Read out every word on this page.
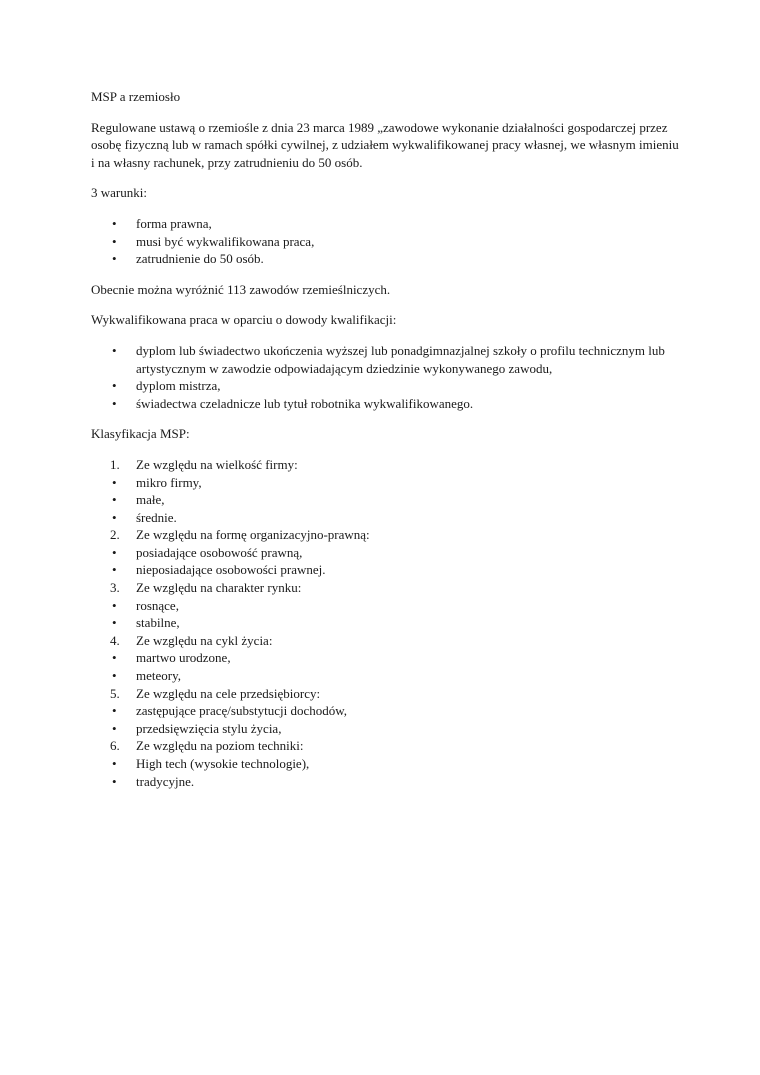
MSP a rzemiosło

Regulowane ustawą o rzemiośle z dnia 23 marca 1989 „zawodowe wykonanie działalności gospodarczej przez osobę fizyczną lub w ramach spółki cywilnej, z udziałem wykwalifikowanej pracy własnej, we własnym imieniu i na własny rachunek, przy zatrudnieniu do 50 osób.

3 warunki:

• forma prawna,
• musi być wykwalifikowana praca,
• zatrudnienie do 50 osób.

Obecnie można wyróżnić 113 zawodów rzemieślniczych.

Wykwalifikowana praca w oparciu o dowody kwalifikacji:

• dyplom lub świadectwo ukończenia wyższej lub ponadgimnazjalnej szkoły o profilu technicznym lub artystycznym w zawodzie odpowiadającym dziedzinie wykonywanego zawodu,
• dyplom mistrza,
• świadectwa czeladnicze lub tytuł robotnika wykwalifikowanego.

Klasyfikacja MSP:

1. Ze względu na wielkość firmy:
• mikro firmy,
• małe,
• średnie.
2. Ze względu na formę organizacyjno-prawną:
• posiadające osobowość prawną,
• nieposiadające osobowości prawnej.
3. Ze względu na charakter rynku:
• rosnące,
• stabilne,
4. Ze względu na cykl życia:
• martwo urodzone,
• meteory,
5. Ze względu na cele przedsiębiorcy:
• zastępujące pracę/substytucji dochodów,
• przedsięwzięcia stylu życia,
6. Ze względu na poziom techniki:
• High tech (wysokie technologie),
• tradycyjne.
